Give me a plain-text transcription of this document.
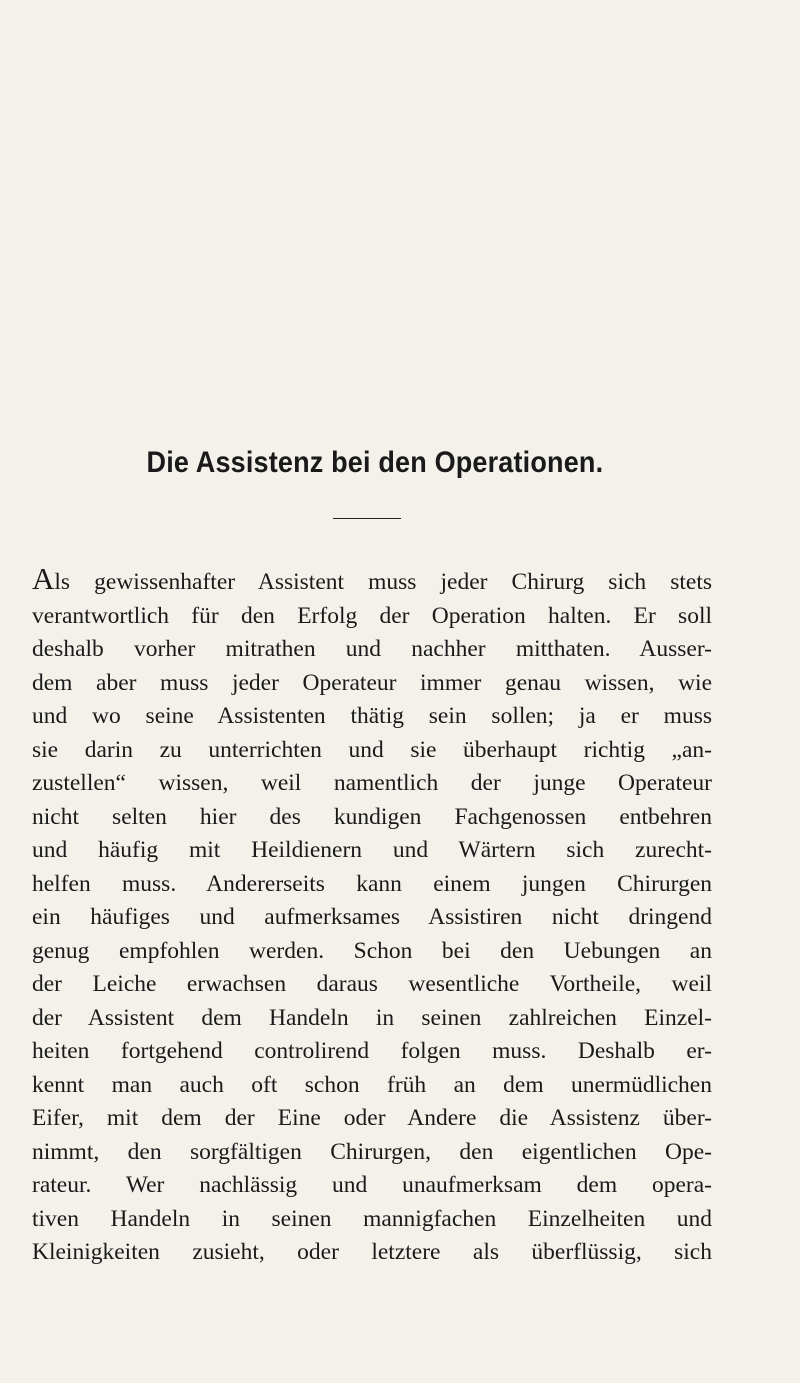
Die Assistenz bei den Operationen.
Als gewissenhafter Assistent muss jeder Chirurg sich stets
verantwortlich für den Erfolg der Operation halten. Er soll
deshalb vorher mitrathen und nachher mitthaten. Ausser-
dem aber muss jeder Operateur immer genau wissen, wie
und wo seine Assistenten thätig sein sollen; ja er muss
sie darin zu unterrichten und sie überhaupt richtig „an-
zustellen“ wissen, weil namentlich der junge Operateur
nicht selten hier des kundigen Fachgenossen entbehren
und häufig mit Heildienern und Wärtern sich zurecht-
helfen muss. Andererseits kann einem jungen Chirurgen
ein häufiges und aufmerksames Assistiren nicht dringend
genug empfohlen werden. Schon bei den Uebungen an
der Leiche erwachsen daraus wesentliche Vortheile, weil
der Assistent dem Handeln in seinen zahlreichen Einzel-
heiten fortgehend controlirend folgen muss. Deshalb er-
kennt man auch oft schon früh an dem unermüdlichen
Eifer, mit dem der Eine oder Andere die Assistenz über-
nimmt, den sorgfältigen Chirurgen, den eigentlichen Ope-
rateur. Wer nachlässig und unaufmerksam dem opera-
tiven Handeln in seinen mannigfachen Einzelheiten und
Kleinigkeiten zusieht, oder letztere als überflüssig, sich
